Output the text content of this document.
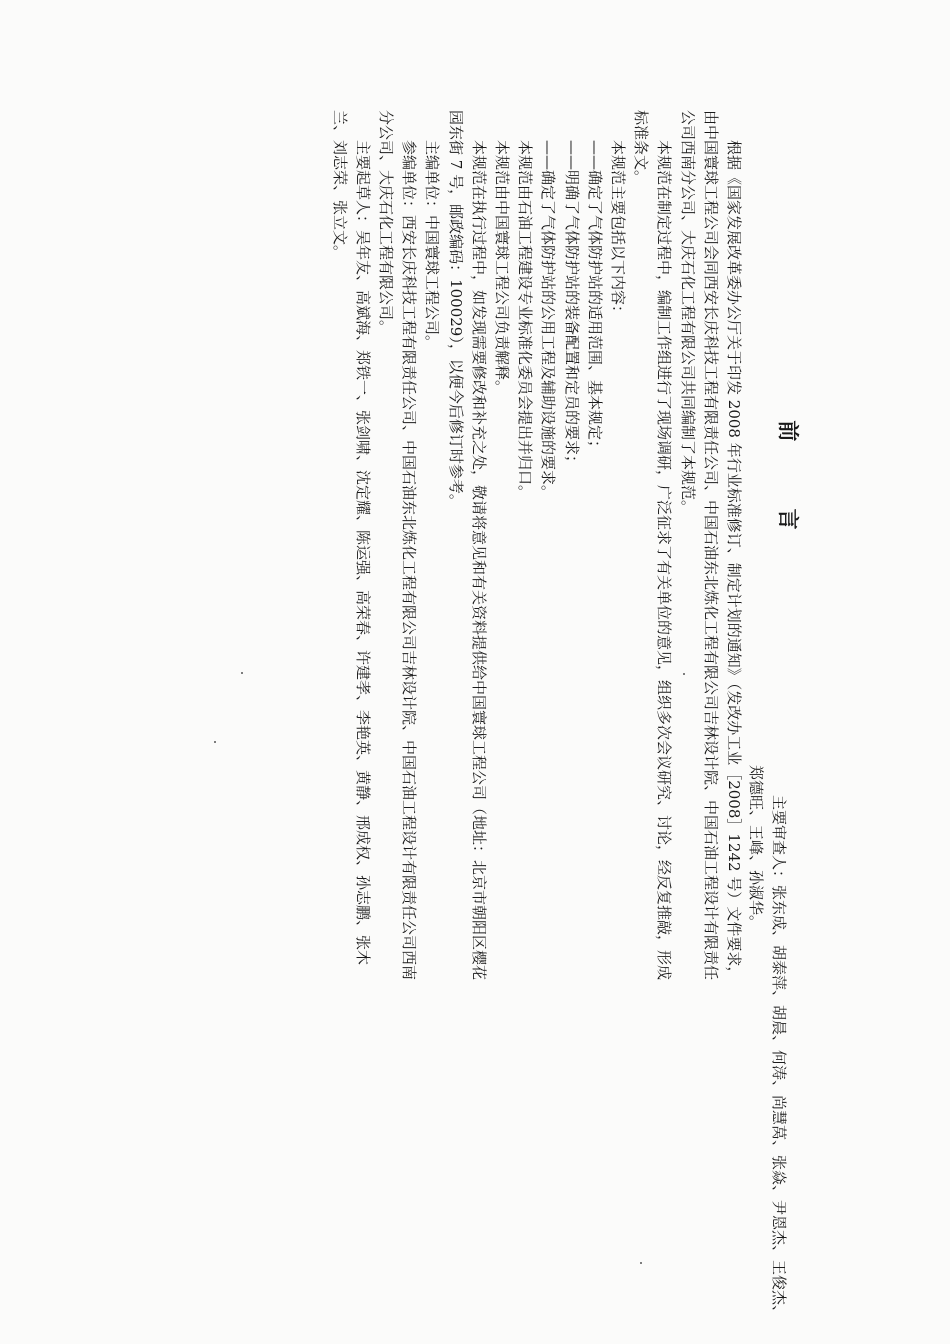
前 言

根据《国家发展改革委办公厅关于印发 2008 年行业标准修订、制定计划的通知》（发改办工业［2008］1242 号）文件要求，由中国寰球工程公司会同西安长庆科技工程有限责任公司、中国石油东北炼化工程有限公司吉林设计院、中国石油工程设计有限责任公司西南分公司、大庆石化工程有限公司共同编制了本规范。

本规范在制定过程中，编制工作组进行了现场调研，广泛征求了有关单位的意见，组织多次会议研究、讨论，经反复推敲，形成标准条文。

本规范主要包括以下内容：

——确定了气体防护站的适用范围、基本规定；

——明确了气体防护站的装备配置和定员的要求；

——确定了气体防护站的公用工程及辅助设施的要求。

本规范由石油工程建设专业标准化委员会提出并归口。

本规范由中国寰球工程公司负责解释。

本规范在执行过程中，如发现需要修改和补充之处，敬请将意见和有关资料提供给中国寰球工程公司（地址：北京市朝阳区樱花园东街 7 号，邮政编码：100029），以便今后修订时参考。

主编单位：中国寰球工程公司。

参编单位：西安长庆科技工程有限责任公司、中国石油东北炼化工程有限公司吉林设计院、中国石油工程设计有限责任公司西南分公司、大庆石化工程有限公司。

主要起草人：吴年友、高斌海、郑铁一、张剑啸、沈定耀、陈运强、高荣春、许建孝、李艳英、黄静、邢成权、孙志鹏、张木兰、刘志荣、张立文。

主要审查人：张东成、胡泰萍、胡晨、何涛、尚慧莴、张焱、尹恩杰、王俊杰、郑德旺、王峰、孙淑华。
